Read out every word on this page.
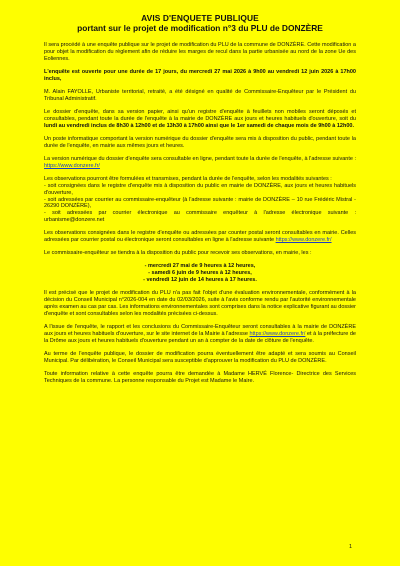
AVIS D'ENQUETE PUBLIQUE
portant sur le projet de modification n°3 du PLU de DONZÈRE

Il sera procédé à une enquête publique sur le projet de modification du PLU de la commune de DONZÈRE. Cette modification a pour objet la modification du règlement afin de réduire les marges de recul dans la partie urbanisée au nord de la zone Ue des Eoliennes.

L'enquête est ouverte pour une durée de 17 jours, du mercredi 27 mai 2026 à 9h00 au vendredi 12 juin 2026 à 17h00 inclus,

M. Alain FAYOLLE, Urbaniste territorial, retraité, a été désigné en qualité de Commissaire-Enquêteur par le Président du Tribunal Administratif.

Le dossier d'enquête, dans sa version papier, ainsi qu'un registre d'enquête à feuillets non mobiles seront déposés et consultables, pendant toute la durée de l'enquête à la mairie de DONZÈRE aux jours et heures habituels d'ouverture, soit du lundi au vendredi inclus de 8h30 à 12h00 et de 13h30 à 17h00 ainsi que le 1er samedi de chaque mois de 9h00 à 12h00.

Un poste informatique comportant la version numérique du dossier d'enquête sera mis à disposition du public, pendant toute la durée de l'enquête, en mairie aux mêmes jours et heures.

La version numérique du dossier d'enquête sera consultable en ligne, pendant toute la durée de l'enquête, à l'adresse suivante : https://www.donzere.fr/

Les observations pourront être formulées et transmises, pendant la durée de l'enquête, selon les modalités suivantes :
- soit consignées dans le registre d'enquête mis à disposition du public en mairie de DONZÈRE, aux jours et heures habituels d'ouverture,
- soit adressées par courrier au commissaire-enquêteur (à l'adresse suivante : mairie de DONZÈRE – 10 rue Frédéric Mistral - 26290 DONZÈRE),
- soit adressées par courrier électronique au commissaire enquêteur à l'adresse électronique suivante : urbanisme@donzere.net

Les observations consignées dans le registre d'enquête ou adressées par counter postal seront consultables en mairie. Celles adressées par courrier postal ou électronique seront consultables en ligne à l'adresse suivante https://www.donzere.fr/

Le commissaire-enquêteur se tiendra à la disposition du public pour recevoir ses observations, en mairie, les :

- mercredi 27 mai de 9 heures à 12 heures,
- samedi 6 juin de 9 heures à 12 heures,
- vendredi 12 juin de 14 heures à 17 heures.

Il est précisé que le projet de modification du PLU n'a pas fait l'objet d'une évaluation environnementale, conformément à la décision du Conseil Municipal n°2026-004 en date du 02/03/2026, suite à l'avis conforme rendu par l'autorité environnementale après examen au cas par cas. Les informations environnementales sont comprises dans la notice explicative figurant au dossier d'enquête et sont consultables selon les modalités précisées ci-dessus.

A l'issue de l'enquête, le rapport et les conclusions du Commissaire-Enquêteur seront consultables à la mairie de DONZÈRE aux jours et heures habituels d'ouverture, sur le site internet de la Mairie à l'adresse https://www.donzere.fr/ et à la préfecture de la Drôme aux jours et heures habituels d'ouverture pendant un an à compter de la date de clôture de l'enquête.

Au terme de l'enquête publique, le dossier de modification pourra éventuellement être adapté et sera soumis au Conseil Municipal. Par délibération, le Conseil Municipal sera susceptible d'approuver la modification du PLU de DONZÈRE.

Toute information relative à cette enquête pourra être demandée à Madame HERVÉ Florence- Directrice des Services Techniques de la commune. La personne responsable du Projet est Madame le Maire.

1
